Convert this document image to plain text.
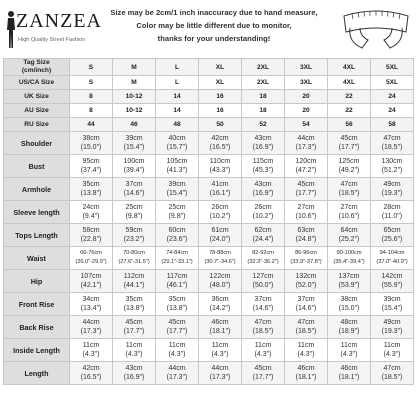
ZANZEA
High Quality Street Fashion
Size may be 2cm/1 inch inaccuracy due to hand measure,
Color may be little different due to monitor,
thanks for your understanding!
Tag Size
(cm/inch)	S	M	L	XL	2XL	3XL	4XL	5XL
US/CA Size	S	M	L	XL	2XL	3XL	4XL	5XL
UK Size	8	10-12	14	16	18	20	22	24
AU Size	8	10-12	14	16	18	20	22	24
RU Size	44	46	48	50	52	54	56	58
Shoulder	38cm
(15.0")	39cm
(15.4")	40cm
(15.7")	42cm
(16.5")	43cm
(16.9")	44cm
(17.3")	45cm
(17.7")	47cm
(18.5")

Bust	95cm
(37.4")	100cm
(39.4")	105cm
(41.3")	110cm
(43.3")	115cm
(45.3")	120cm
(47.2")	125cm
(49.2")	130cm
(51.2")

Armhole	35cm
(13.8")	37cm
(14.6")	39cm
(15.4")	41cm
(16.1")	43cm
(16.9")	45cm
(17.7")	47cm
(18.5")	49cm
(19.3")

Sleeve length	24cm
(9.4")	25cm
(9.8")	25cm
(9.8")	26cm
(10.2")	26cm
(10.2")	27cm
(10.6")	27cm
(10.6")	28cm
(11.0")

Tops Length	58cm
(22.8")	59cm
(23.2")	60cm
(23.6")	61cm
(24.0")	62cm
(24.4")	63cm
(24.8")	64cm
(25.2")	65cm
(25.6")

Waist	66-76cm
(26.0"-29.9")	70-80cm
(27.6"-31.5")	74-84cm
(29.1"-33.1")	78-88cm
(30.7"-34.6")	82-92cm
(32.3"-36.2")	86-96cm
(33.9"-37.8")	90-100cm
(35.4"-39.4")	94-104cm
(37.0"-40.9")

Hip	107cm
(42.1")	112cm
(44.1")	117cm
(46.1")	122cm
(48.0")	127cm
(50.0")	132cm
(52.0")	137cm
(53.9")	142cm
(55.9")

Front Rise	34cm
(13.4")	35cm
(13.8")	35cm
(13.8")	36cm
(14.2")	37cm
(14.6")	37cm
(14.6")	38cm
(15.0")	39cm
(15.4")

Back Rise	44cm
(17.3")	45cm
(17.7")	45cm
(17.7")	46cm
(18.1")	47cm
(18.5")	47cm
(18.5")	48cm
(18.9")	49cm
(19.3")

Inside Length	11cm
(4.3")	11cm
(4.3")	11cm
(4.3")	11cm
(4.3")	11cm
(4.3")	11cm
(4.3")	11cm
(4.3")	11cm
(4.3")

Length	42cm
(16.5")	43cm
(16.9")	44cm
(17.3")	44cm
(17.3")	45cm
(17.7")	46cm
(18.1")	46cm
(18.1")	47cm
(18.5")
